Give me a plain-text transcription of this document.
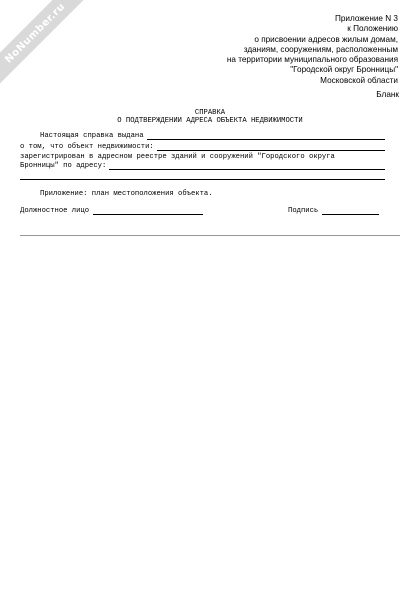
NoNumber.ru	Приложение N 3
к Положению
о присвоении адресов жилым домам,
зданиям, сооружениям, расположенным
на территории муниципального образования
"Городской округ Бронницы"
Московской области
Бланк
СПРАВКА
О ПОДТВЕРЖДЕНИИ АДРЕСА ОБЪЕКТА НЕДВИЖИМОСТИ
Настоящая справка выдана
о том, что объект недвижимости:
зарегистрирован в адресном реестре зданий и сооружений "Городского округа
Бронницы" по адресу:
Приложение: план местоположения объекта.
Должностное лицо	Подпись
